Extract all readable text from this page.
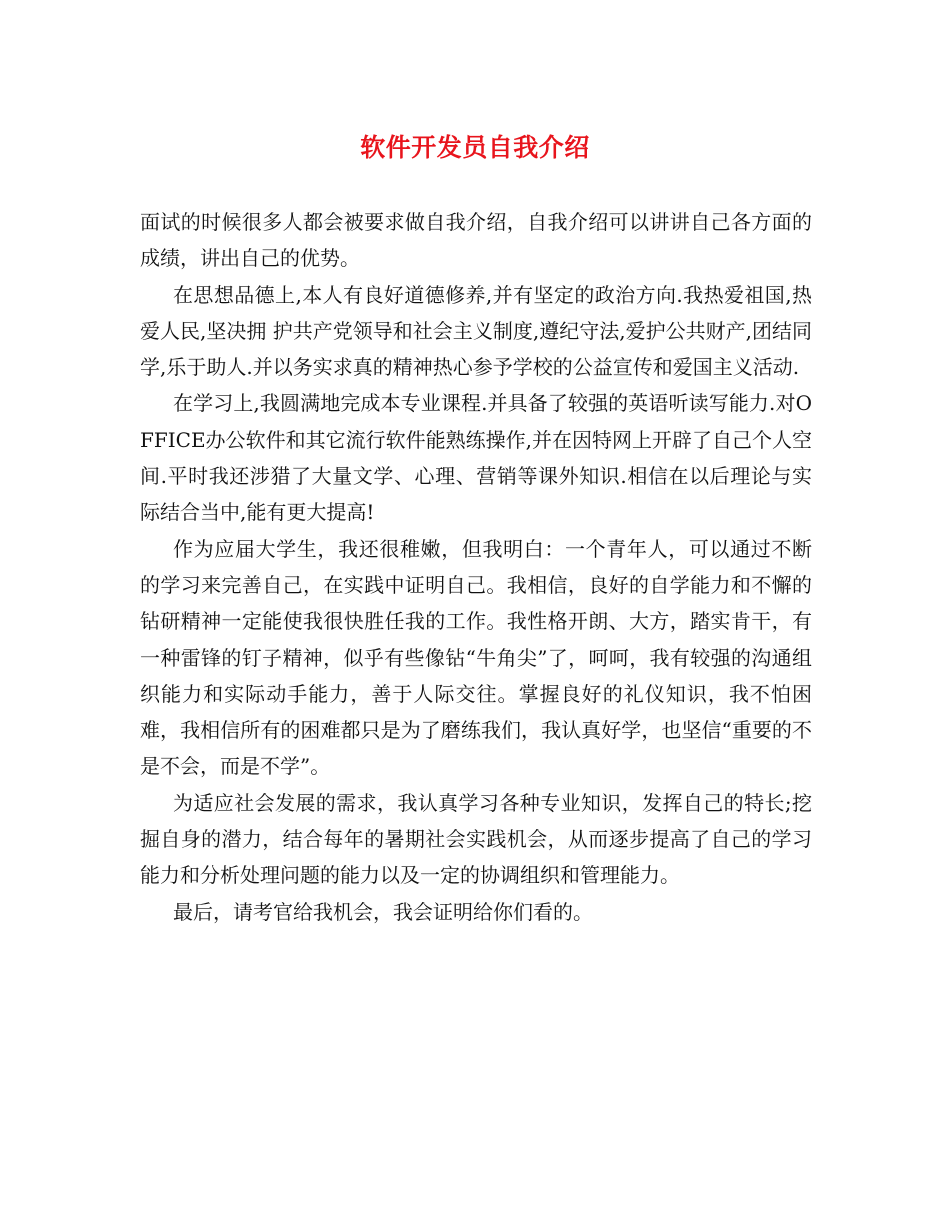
软件开发员自我介绍

面试的时候很多人都会被要求做自我介绍，自我介绍可以讲讲自己各方面的成绩，讲出自己的优势。

在思想品德上,本人有良好道德修养,并有坚定的政治方向.我热爱祖国,热爱人民,坚决拥 护共产党领导和社会主义制度,遵纪守法,爱护公共财产,团结同学,乐于助人.并以务实求真的精神热心参予学校的公益宣传和爱国主义活动.

在学习上,我圆满地完成本专业课程.并具备了较强的英语听读写能力.对OFFICE办公软件和其它流行软件能熟练操作,并在因特网上开辟了自己个人空间.平时我还涉猎了大量文学、心理、营销等课外知识.相信在以后理论与实际结合当中,能有更大提高!

作为应届大学生，我还很稚嫩，但我明白：一个青年人，可以通过不断的学习来完善自己，在实践中证明自己。我相信，良好的自学能力和不懈的钻研精神一定能使我很快胜任我的工作。我性格开朗、大方，踏实肯干，有一种雷锋的钉子精神，似乎有些像钻“牛角尖”了，呵呵，我有较强的沟通组织能力和实际动手能力，善于人际交往。掌握良好的礼仪知识，我不怕困难，我相信所有的困难都只是为了磨练我们，我认真好学，也坚信“重要的不是不会，而是不学”。

为适应社会发展的需求，我认真学习各种专业知识，发挥自己的特长;挖掘自身的潜力，结合每年的暑期社会实践机会，从而逐步提高了自己的学习能力和分析处理问题的能力以及一定的协调组织和管理能力。

最后，请考官给我机会，我会证明给你们看的。
